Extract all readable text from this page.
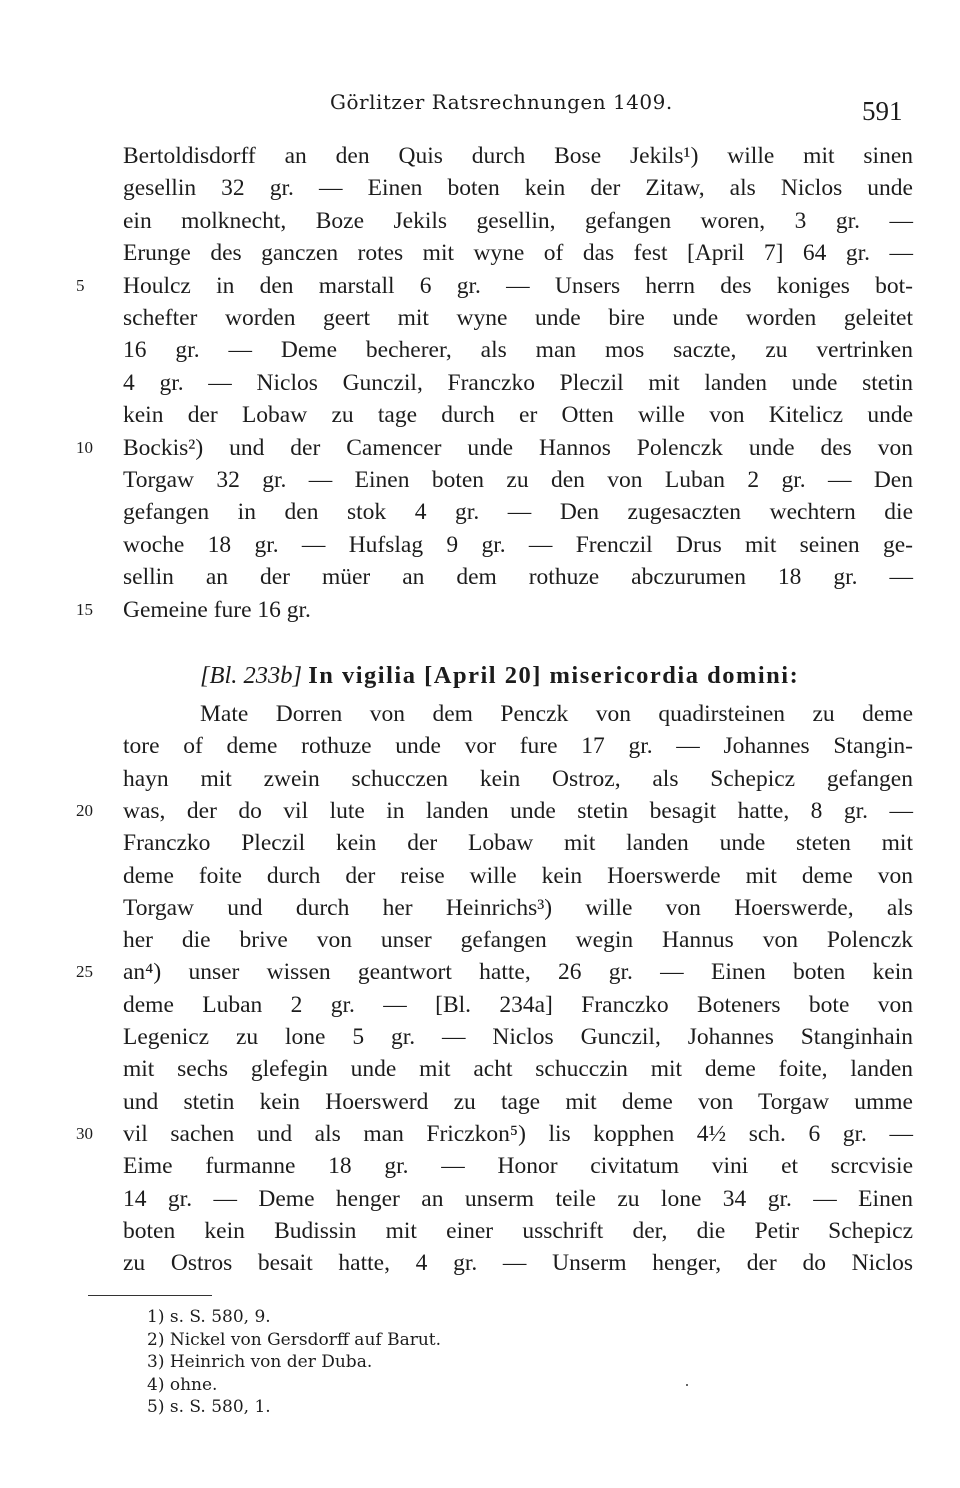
Görlitzer Ratsrechnungen 1409.	591
Bertoldisdorff an den Quis durch Bose Jekils¹) wille mit sinen
gesellin 32 gr. — Einen boten kein der Zitaw, als Niclos unde
ein molknecht, Boze Jekils gesellin, gefangen woren, 3 gr. —
Erunge des ganczen rotes mit wyne of das fest [April 7] 64 gr. —
Houlcz in den marstall 6 gr. — Unsers herrn des koniges bot-
5
schefter worden geert mit wyne unde bire unde worden geleitet
16 gr. — Deme becherer, als man mos saczte, zu vertrinken
4 gr. — Niclos Gunczil, Franczko Pleczil mit landen unde stetin
kein der Lobaw zu tage durch er Otten wille von Kitelicz unde
Bockis²) und der Camencer unde Hannos Polenczk unde des von
10
Torgaw 32 gr. — Einen boten zu den von Luban 2 gr. — Den
gefangen in den stok 4 gr. — Den zugesaczten wechtern die
woche 18 gr. — Hufslag 9 gr. — Frenczil Drus mit seinen ge-
sellin an der müer an dem rothuze abczurumen 18 gr. —
Gemeine fure 16 gr.
15
[Bl. 233b] In vigilia [April 20] misericordia domini:
Mate Dorren von dem Penczk von quadirsteinen zu deme
tore of deme rothuze unde vor fure 17 gr. — Johannes Stangin-
hayn mit zwein schucczen kein Ostroz, als Schepicz gefangen
was, der do vil lute in landen unde stetin besagit hatte, 8 gr. —
20
Franczko Pleczil kein der Lobaw mit landen unde steten mit
deme foite durch der reise wille kein Hoerswerde mit deme von
Torgaw und durch her Heinrichs³) wille von Hoerswerde, als
her die brive von unser gefangen wegin Hannus von Polenczk
an⁴) unser wissen geantwort hatte, 26 gr. — Einen boten kein
25
deme Luban 2 gr. — [Bl. 234a] Franczko Boteners bote von
Legenicz zu lone 5 gr. — Niclos Gunczil, Johannes Stanginhain
mit sechs glefegin unde mit acht schucczin mit deme foite, landen
und stetin kein Hoerswerd zu tage mit deme von Torgaw umme
vil sachen und als man Friczkon⁵) lis kopphen 4½ sch. 6 gr. —
30
Eime furmanne 18 gr. — Honor civitatum vini et scrcvisie
14 gr. — Deme henger an unserm teile zu lone 34 gr. — Einen
boten kein Budissin mit einer usschrift der, die Petir Schepicz
zu Ostros besait hatte, 4 gr. — Unserm henger, der do Niclos
1) s. S. 580, 9.
2) Nickel von Gersdorff auf Barut.
3) Heinrich von der Duba.
4) ohne.
5) s. S. 580, 1.
